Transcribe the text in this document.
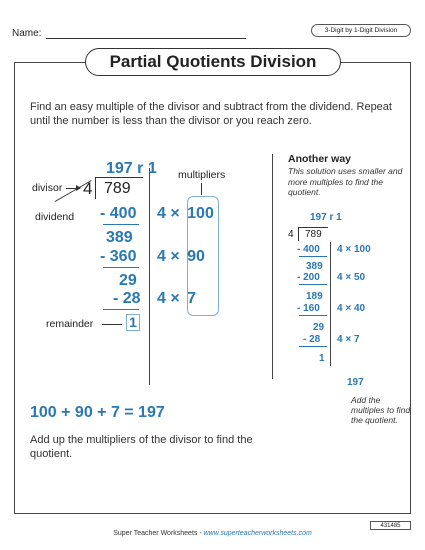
Name:	3-Digit by 1-Digit Division
Partial Quotients Division
Find an easy multiple of the divisor and subtract from the dividend. Repeat until the number is less than the divisor or you reach zero.
197 r 1
divisor 4 789
dividend
multipliers
- 400
389
4 × 100
- 360
29
4 × 90
- 28 4 × 7
remainder	1
100 + 90 + 7 = 197
Add up the multipliers of the divisor to find the quotient.
Another way
This solution uses smaller and more multiples to find the quotient.
197 r 1
4 789
- 400 4 × 100
389
- 200 4 × 50
189
- 160 4 × 40
29
- 28 4 × 7
1
197
Add the multiples to find the quotient.
431485
Super Teacher Worksheets - www.superteacherworksheets.com
